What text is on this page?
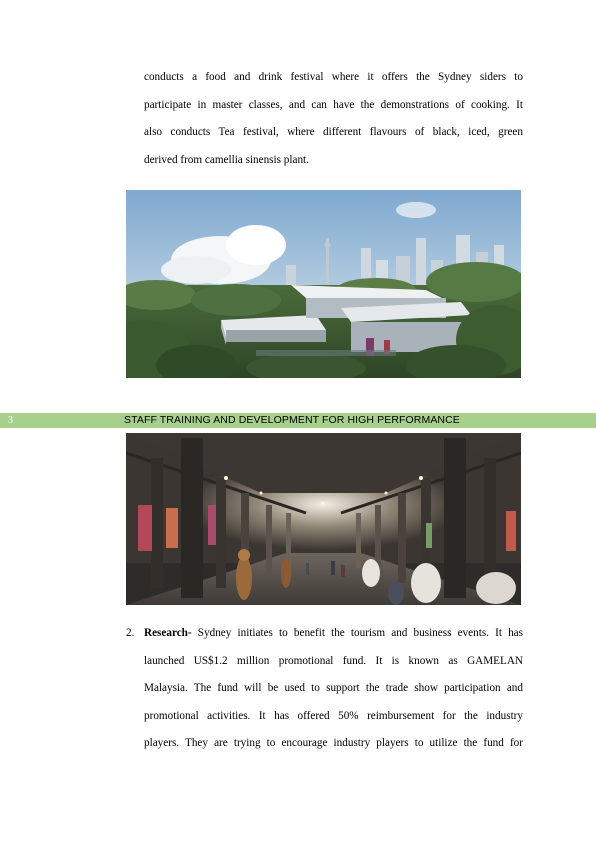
conducts a food and drink festival where it offers the Sydney siders to
participate in master classes, and can have the demonstrations of cooking. It
also conducts Tea festival, where different flavours of black, iced, green
derived from camellia sinensis plant.
3	STAFF TRAINING AND DEVELOPMENT FOR HIGH PERFORMANCE
2. Research- Sydney initiates to benefit the tourism and business events. It has
launched US$1.2 million promotional fund. It is known as GAMELAN
Malaysia. The fund will be used to support the trade show participation and
promotional activities. It has offered 50% reimbursement for the industry
players. They are trying to encourage industry players to utilize the fund for
